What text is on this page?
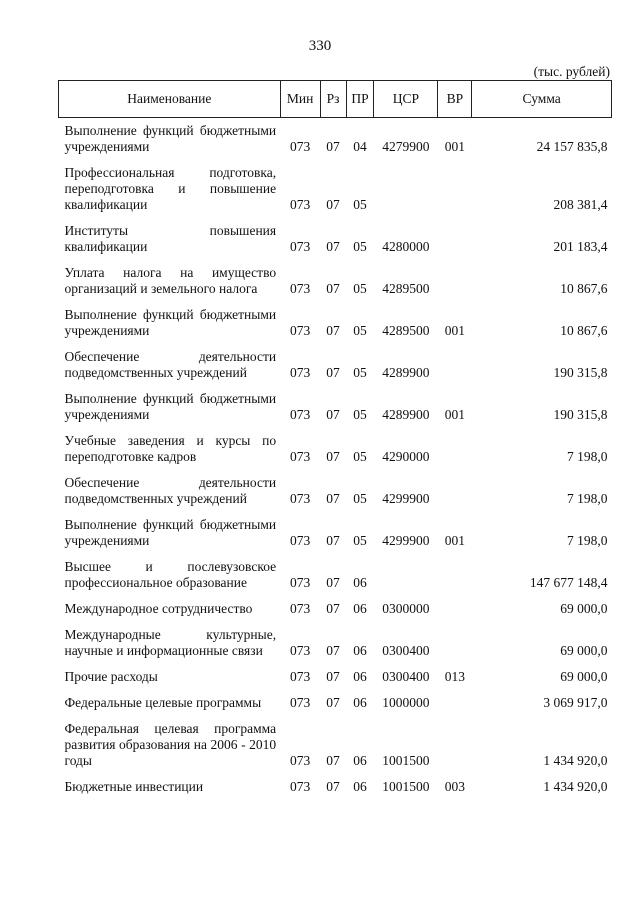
330
(тыс. рублей)
Наименование	Мин	Рз	ПР	ЦСР	ВР	Сумма
Выполнение функций бюджетными учреждениями	073	07	04	4279900	001	24 157 835,8
Профессиональная подготовка, переподготовка и повышение квалификации	073	07	05			208 381,4
Институты повышения квалификации	073	07	05	4280000		201 183,4
Уплата налога на имущество организаций и земельного налога	073	07	05	4289500		10 867,6
Выполнение функций бюджетными учреждениями	073	07	05	4289500	001	10 867,6
Обеспечение деятельности подведомственных учреждений	073	07	05	4289900		190 315,8
Выполнение функций бюджетными учреждениями	073	07	05	4289900	001	190 315,8
Учебные заведения и курсы по переподготовке кадров	073	07	05	4290000		7 198,0
Обеспечение деятельности подведомственных учреждений	073	07	05	4299900		7 198,0
Выполнение функций бюджетными учреждениями	073	07	05	4299900	001	7 198,0
Высшее и послевузовское профессиональное образование	073	07	06			147 677 148,4
Международное сотрудничество	073	07	06	0300000		69 000,0
Международные культурные, научные и информационные связи	073	07	06	0300400		69 000,0
Прочие расходы	073	07	06	0300400	013	69 000,0
Федеральные целевые программы	073	07	06	1000000		3 069 917,0
Федеральная целевая программа развития образования на 2006 - 2010 годы	073	07	06	1001500		1 434 920,0
Бюджетные инвестиции	073	07	06	1001500	003	1 434 920,0
